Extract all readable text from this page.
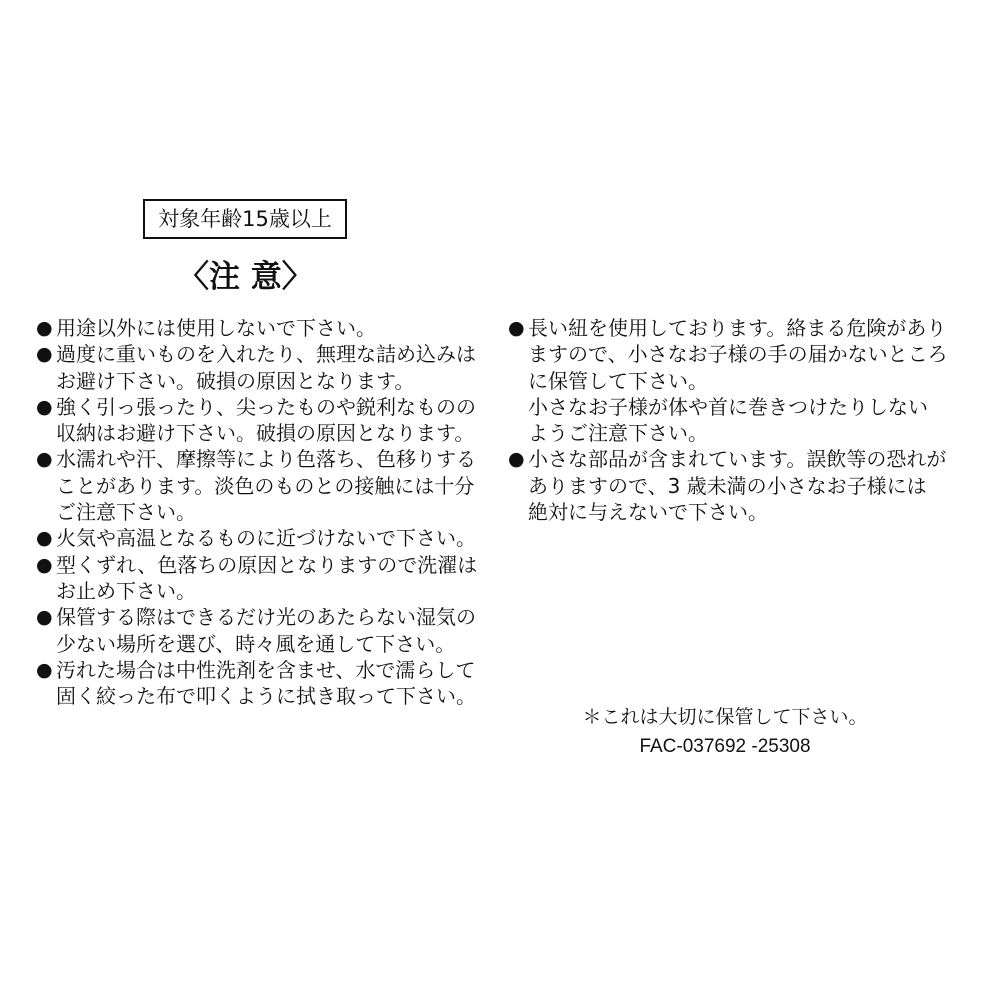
対象年齢15歳以上
〈注 意〉
● 用途以外には使用しないで下さい。
● 過度に重いものを入れたり、無理な詰め込みは
お避け下さい。破損の原因となります。
● 強く引っ張ったり、尖ったものや鋭利なものの
収納はお避け下さい。破損の原因となります。
● 水濡れや汗、摩擦等により色落ち、色移りする
ことがあります。淡色のものとの接触には十分
ご注意下さい。
● 火気や高温となるものに近づけないで下さい。
● 型くずれ、色落ちの原因となりますので洗濯は
お止め下さい。
● 保管する際はできるだけ光のあたらない湿気の
少ない場所を選び、時々風を通して下さい。
● 汚れた場合は中性洗剤を含ませ、水で濡らして
固く絞った布で叩くように拭き取って下さい。
● 長い紐を使用しております。絡まる危険があり
ますので、小さなお子様の手の届かないところ
に保管して下さい。
小さなお子様が体や首に巻きつけたりしない
ようご注意下さい。
● 小さな部品が含まれています。誤飲等の恐れが
ありますので、3 歳未満の小さなお子様には
絶対に与えないで下さい。
＊これは大切に保管して下さい。
FAC-037692 -25308
